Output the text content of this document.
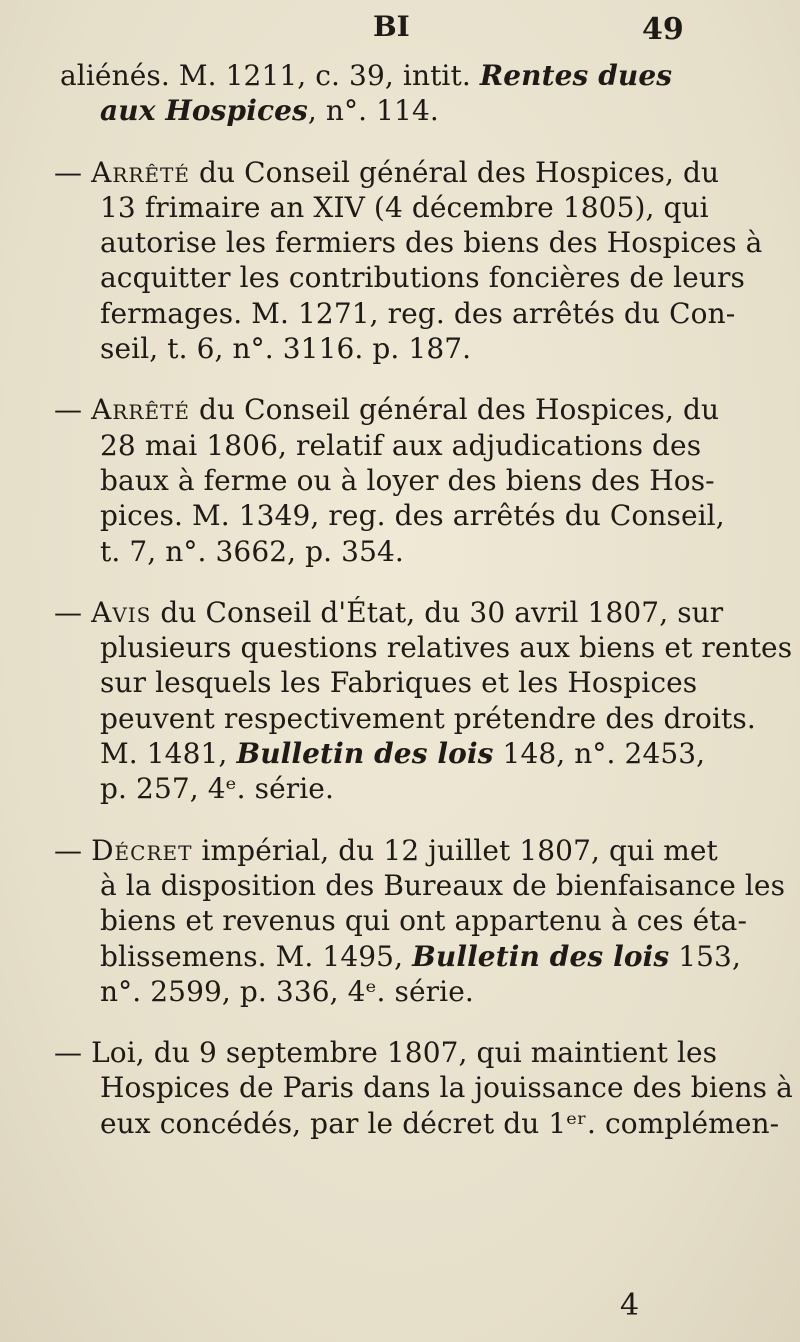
BI	49
aliénés. M. 1211, c. 39, intit. Rentes dues
aux Hospices, n°. 114.
— Arrêté du Conseil général des Hospices, du
13 frimaire an XIV (4 décembre 1805), qui
autorise les fermiers des biens des Hospices à
acquitter les contributions foncières de leurs
fermages. M. 1271, reg. des arrêtés du Con-
seil, t. 6, n°. 3116. p. 187.
— Arrêté du Conseil général des Hospices, du
28 mai 1806, relatif aux adjudications des
baux à ferme ou à loyer des biens des Hos-
pices. M. 1349, reg. des arrêtés du Conseil,
t. 7, n°. 3662, p. 354.
— Avis du Conseil d'État, du 30 avril 1807, sur
plusieurs questions relatives aux biens et rentes
sur lesquels les Fabriques et les Hospices
peuvent respectivement prétendre des droits.
M. 1481, Bulletin des lois 148, n°. 2453,
p. 257, 4ᵉ. série.
— Décret impérial, du 12 juillet 1807, qui met
à la disposition des Bureaux de bienfaisance les
biens et revenus qui ont appartenu à ces éta-
blissemens. M. 1495, Bulletin des lois 153,
n°. 2599, p. 336, 4ᵉ. série.
— Loi, du 9 septembre 1807, qui maintient les
Hospices de Paris dans la jouissance des biens à
eux concédés, par le décret du 1ᵉʳ. complémen-
4
